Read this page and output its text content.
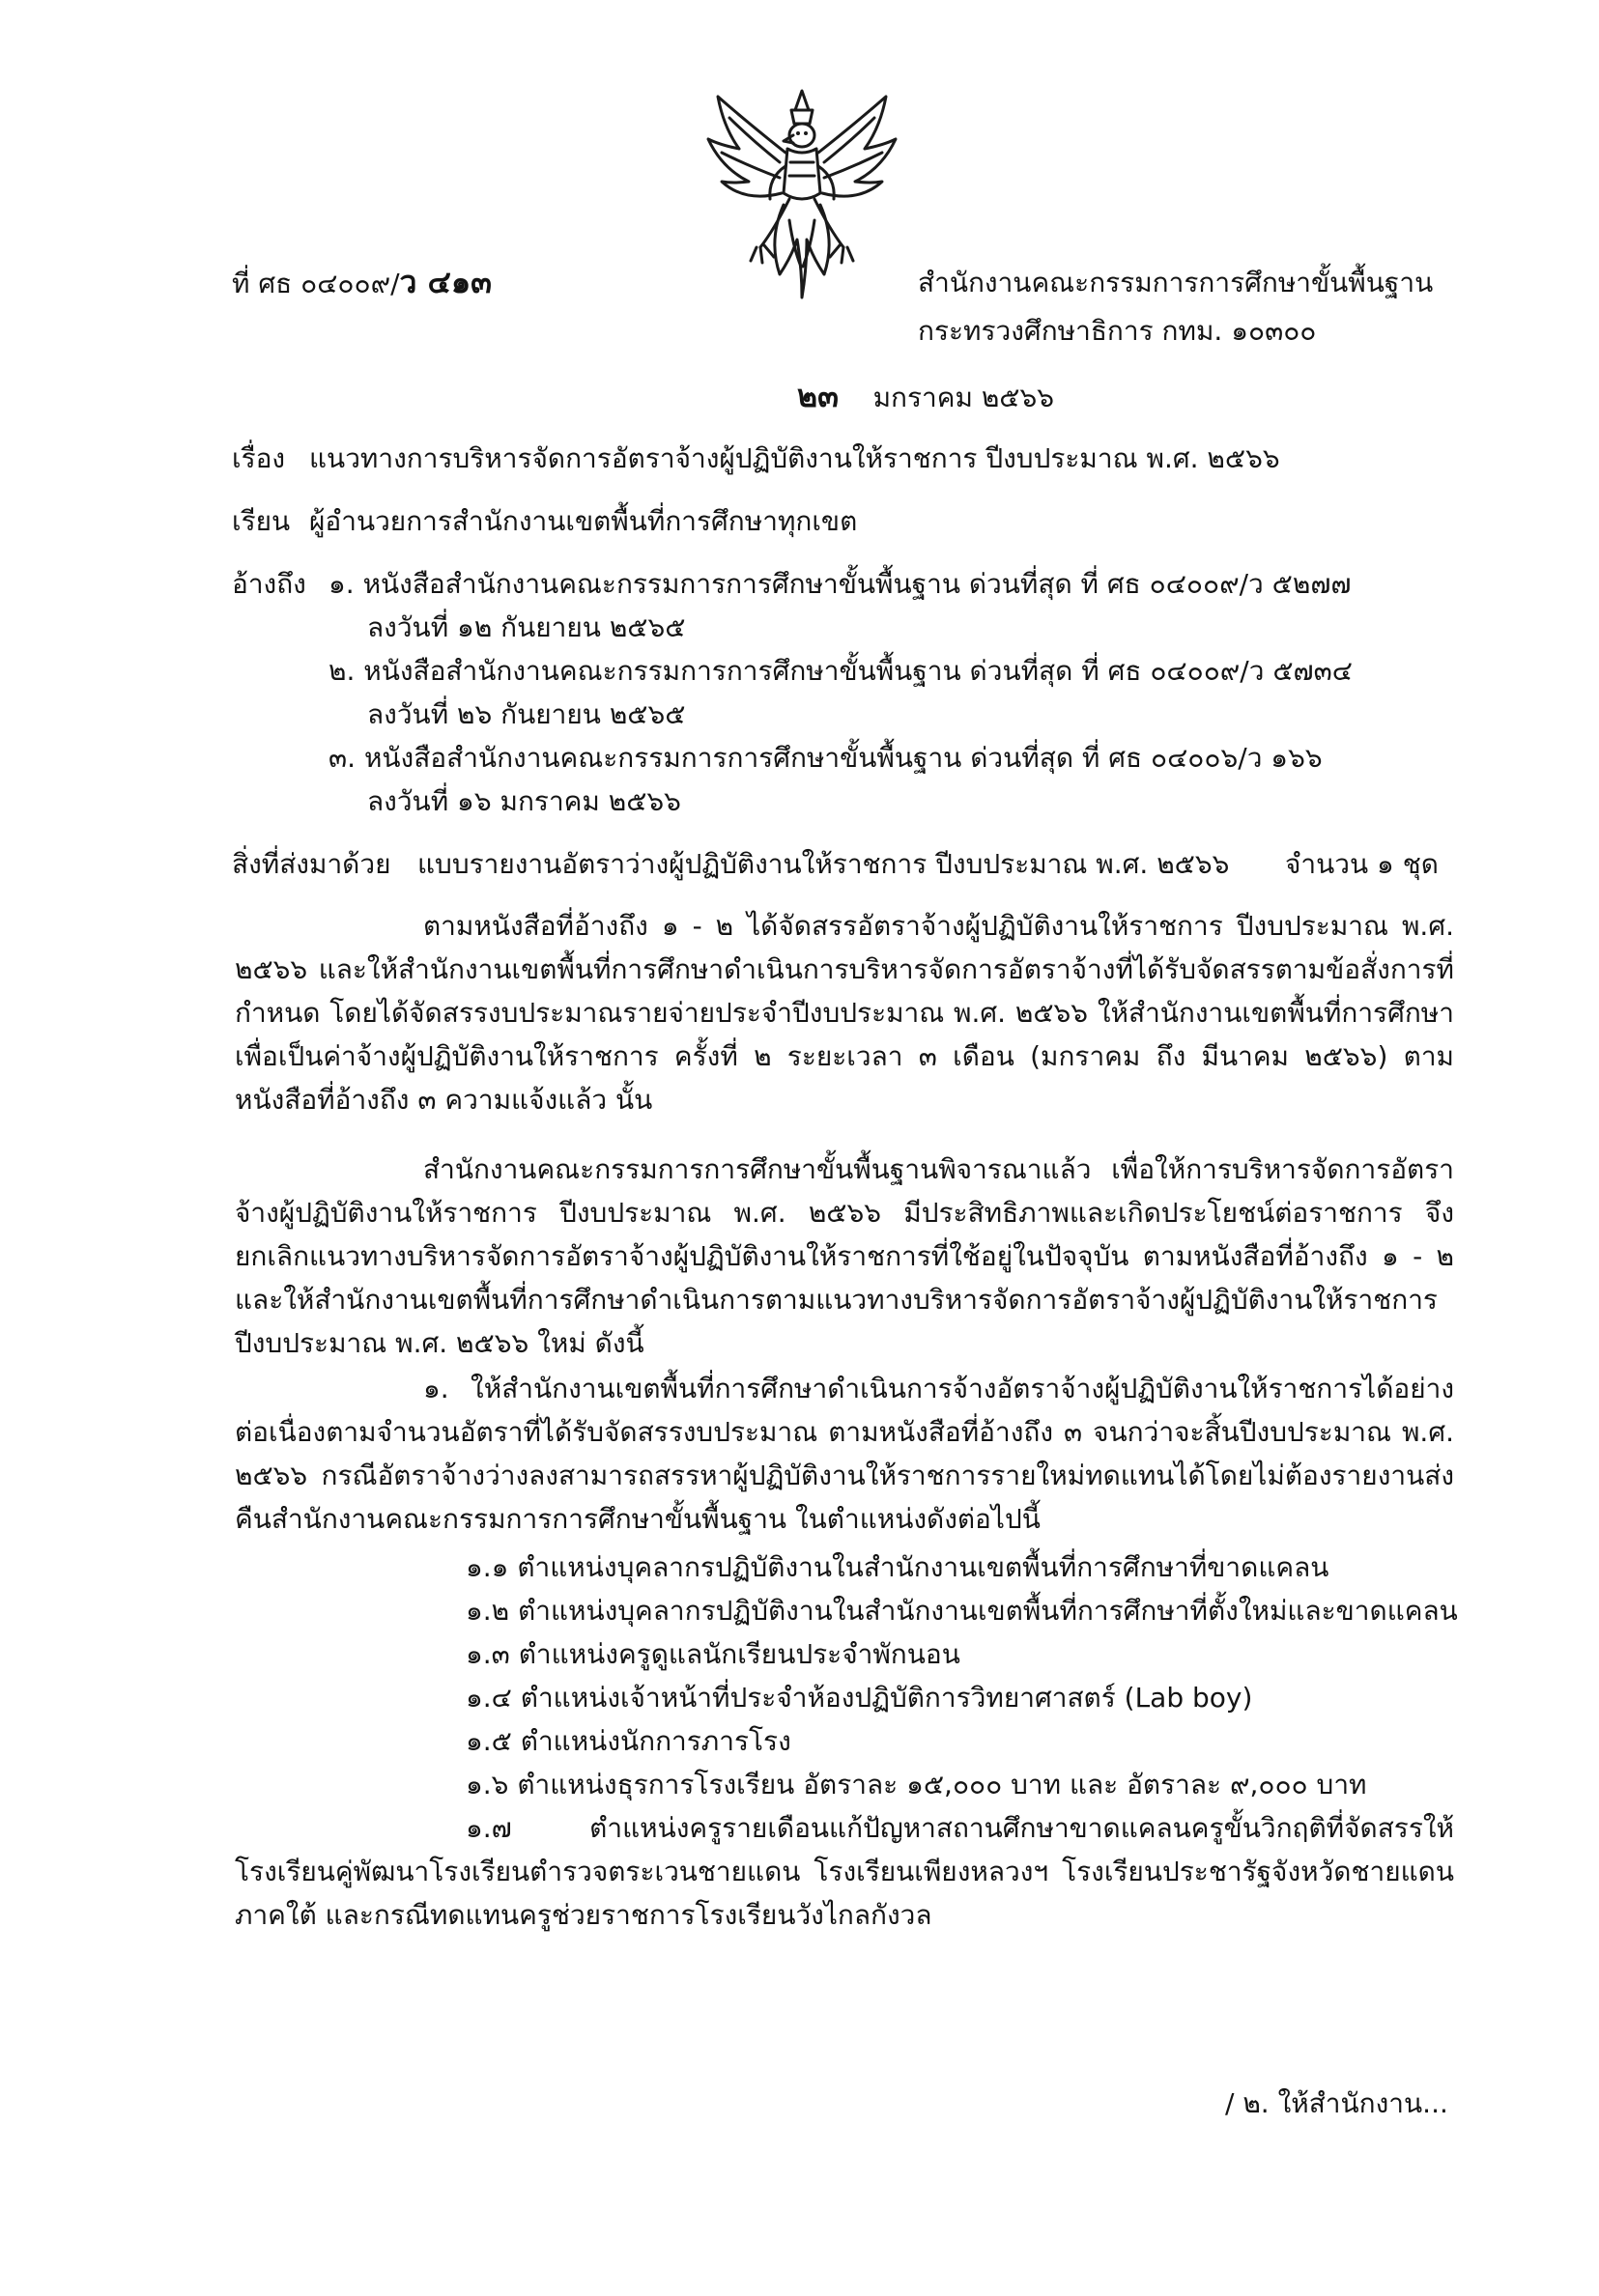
ที่ ศธ ๐๔๐๐๙/ว ๔๑๓	สำนักงานคณะกรรมการการศึกษาขั้นพื้นฐาน
กระทรวงศึกษาธิการ กทม. ๑๐๓๐๐
๒๓ มกราคม ๒๕๖๖
เรื่อง แนวทางการบริหารจัดการอัตราจ้างผู้ปฏิบัติงานให้ราชการ ปีงบประมาณ พ.ศ. ๒๕๖๖
เรียน ผู้อำนวยการสำนักงานเขตพื้นที่การศึกษาทุกเขต
อ้างถึง ๑. หนังสือสำนักงานคณะกรรมการการศึกษาขั้นพื้นฐาน ด่วนที่สุด ที่ ศธ ๐๔๐๐๙/ว ๕๒๗๗
ลงวันที่ ๑๒ กันยายน ๒๕๖๕
๒. หนังสือสำนักงานคณะกรรมการการศึกษาขั้นพื้นฐาน ด่วนที่สุด ที่ ศธ ๐๔๐๐๙/ว ๕๗๓๔
ลงวันที่ ๒๖ กันยายน ๒๕๖๕
๓. หนังสือสำนักงานคณะกรรมการการศึกษาขั้นพื้นฐาน ด่วนที่สุด ที่ ศธ ๐๔๐๐๖/ว ๑๖๖
ลงวันที่ ๑๖ มกราคม ๒๕๖๖
สิ่งที่ส่งมาด้วย แบบรายงานอัตราว่างผู้ปฏิบัติงานให้ราชการ ปีงบประมาณ พ.ศ. ๒๕๖๖ จำนวน ๑ ชุด
ตามหนังสือที่อ้างถึง ๑ - ๒ ได้จัดสรรอัตราจ้างผู้ปฏิบัติงานให้ราชการ ปีงบประมาณ พ.ศ. ๒๕๖๖ และให้สำนักงานเขตพื้นที่การศึกษาดำเนินการบริหารจัดการอัตราจ้างที่ได้รับจัดสรรตามข้อสั่งการที่กำหนด โดยได้จัดสรรงบประมาณรายจ่ายประจำปีงบประมาณ พ.ศ. ๒๕๖๖ ให้สำนักงานเขตพื้นที่การศึกษาเพื่อเป็นค่าจ้างผู้ปฏิบัติงานให้ราชการ ครั้งที่ ๒ ระยะเวลา ๓ เดือน (มกราคม ถึง มีนาคม ๒๕๖๖) ตามหนังสือที่อ้างถึง ๓ ความแจ้งแล้ว นั้น
สำนักงานคณะกรรมการการศึกษาขั้นพื้นฐานพิจารณาแล้ว เพื่อให้การบริหารจัดการอัตราจ้างผู้ปฏิบัติงานให้ราชการ ปีงบประมาณ พ.ศ. ๒๕๖๖ มีประสิทธิภาพและเกิดประโยชน์ต่อราชการ จึงยกเลิกแนวทางบริหารจัดการอัตราจ้างผู้ปฏิบัติงานให้ราชการที่ใช้อยู่ในปัจจุบัน ตามหนังสือที่อ้างถึง ๑ - ๒ และให้สำนักงานเขตพื้นที่การศึกษาดำเนินการตามแนวทางบริหารจัดการอัตราจ้างผู้ปฏิบัติงานให้ราชการ ปีงบประมาณ พ.ศ. ๒๕๖๖ ใหม่ ดังนี้
๑. ให้สำนักงานเขตพื้นที่การศึกษาดำเนินการจ้างอัตราจ้างผู้ปฏิบัติงานให้ราชการได้อย่างต่อเนื่องตามจำนวนอัตราที่ได้รับจัดสรรงบประมาณ ตามหนังสือที่อ้างถึง ๓ จนกว่าจะสิ้นปีงบประมาณ พ.ศ. ๒๕๖๖ กรณีอัตราจ้างว่างลงสามารถสรรหาผู้ปฏิบัติงานให้ราชการรายใหม่ทดแทนได้โดยไม่ต้องรายงานส่งคืนสำนักงานคณะกรรมการการศึกษาขั้นพื้นฐาน ในตำแหน่งดังต่อไปนี้
๑.๑ ตำแหน่งบุคลากรปฏิบัติงานในสำนักงานเขตพื้นที่การศึกษาที่ขาดแคลน
๑.๒ ตำแหน่งบุคลากรปฏิบัติงานในสำนักงานเขตพื้นที่การศึกษาที่ตั้งใหม่และขาดแคลน
๑.๓ ตำแหน่งครูดูแลนักเรียนประจำพักนอน
๑.๔ ตำแหน่งเจ้าหน้าที่ประจำห้องปฏิบัติการวิทยาศาสตร์ (Lab boy)
๑.๕ ตำแหน่งนักการภารโรง
๑.๖ ตำแหน่งธุรการโรงเรียน อัตราละ ๑๕,๐๐๐ บาท และ อัตราละ ๙,๐๐๐ บาท
๑.๗ ตำแหน่งครูรายเดือนแก้ปัญหาสถานศึกษาขาดแคลนครูขั้นวิกฤติที่จัดสรรให้โรงเรียนคู่พัฒนาโรงเรียนตำรวจตระเวนชายแดน โรงเรียนเพียงหลวงฯ โรงเรียนประชารัฐจังหวัดชายแดนภาคใต้ และกรณีทดแทนครูช่วยราชการโรงเรียนวังไกลกังวล
/ ๒. ให้สำนักงาน...
